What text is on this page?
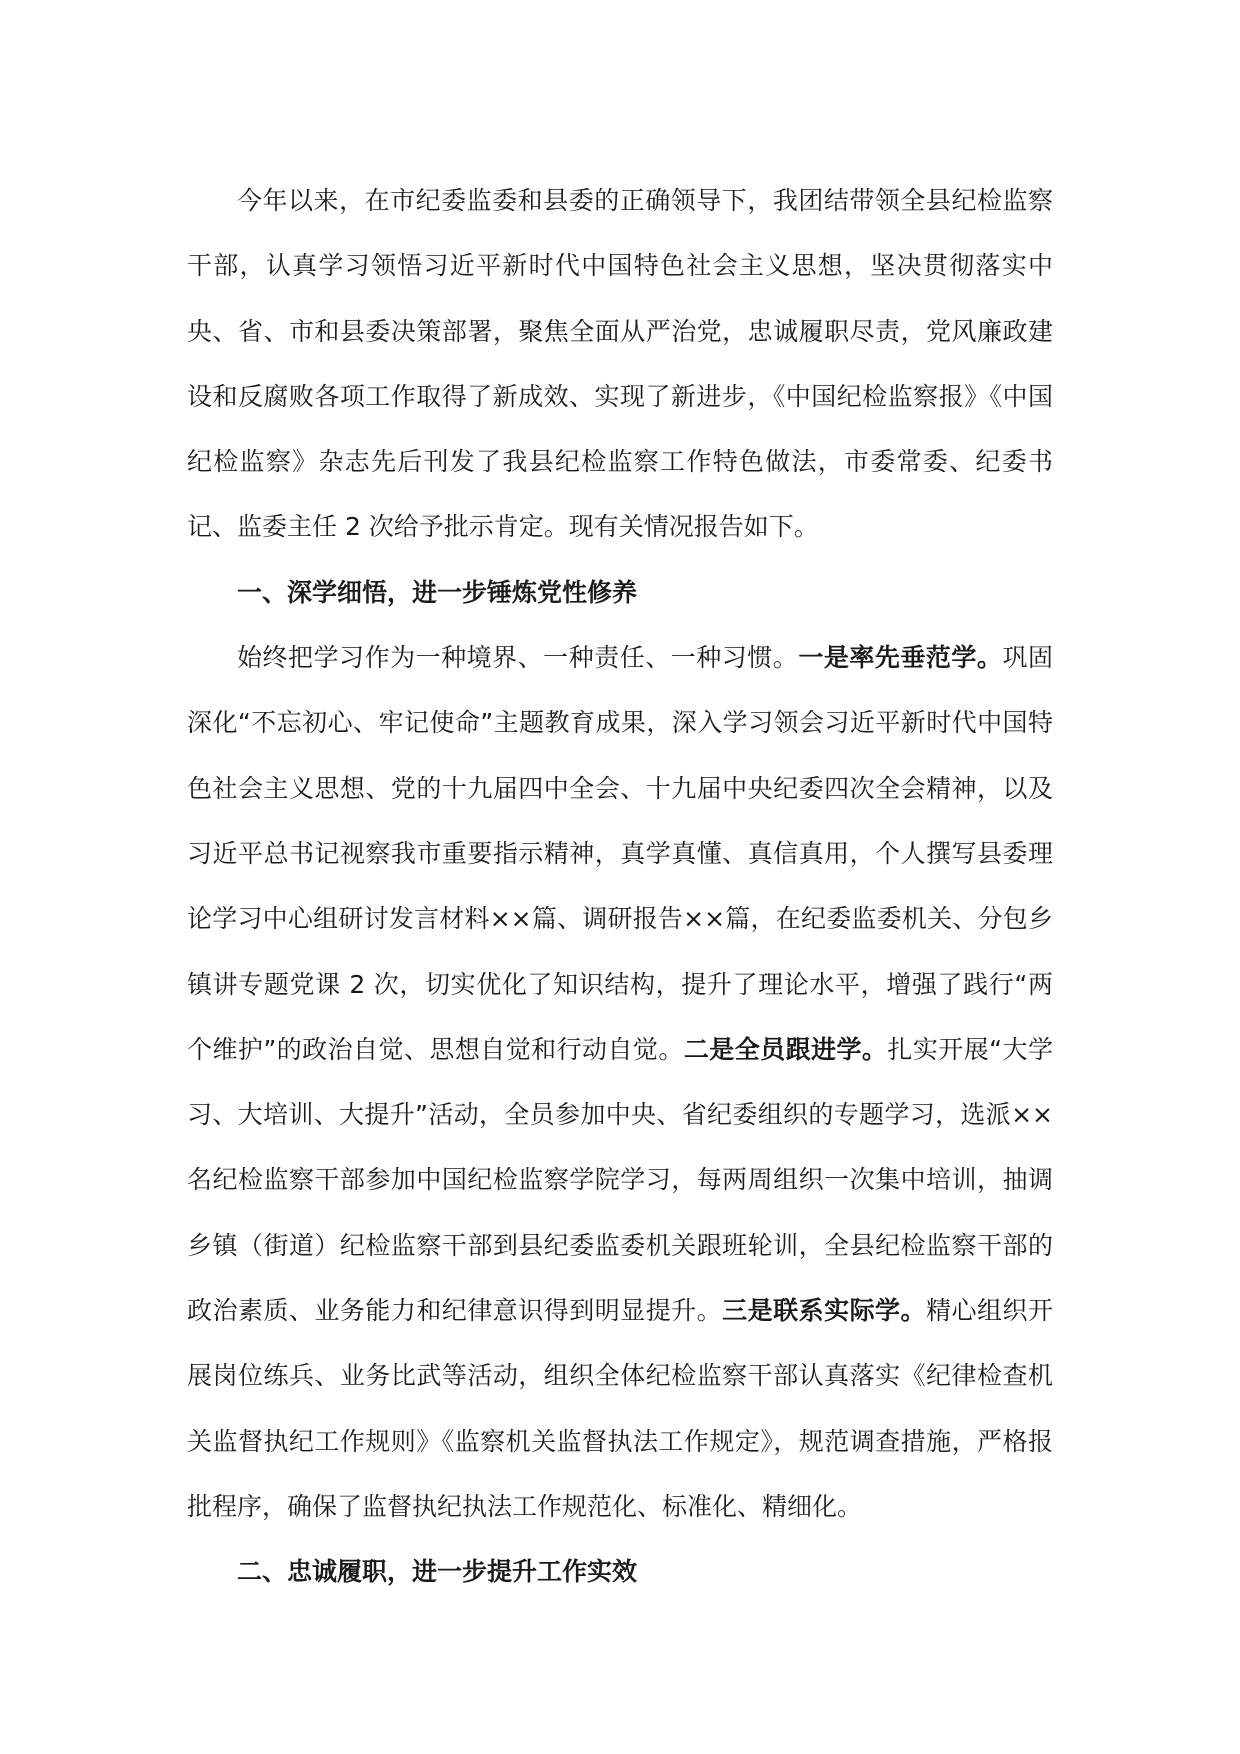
今年以来，在市纪委监委和县委的正确领导下，我团结带领全县纪检监察干部，认真学习领悟习近平新时代中国特色社会主义思想，坚决贯彻落实中央、省、市和县委决策部署，聚焦全面从严治党，忠诚履职尽责，党风廉政建设和反腐败各项工作取得了新成效、实现了新进步，《中国纪检监察报》《中国纪检监察》杂志先后刊发了我县纪检监察工作特色做法，市委常委、纪委书记、监委主任 2 次给予批示肯定。现有关情况报告如下。

一、深学细悟，进一步锤炼党性修养

始终把学习作为一种境界、一种责任、一种习惯。一是率先垂范学。巩固深化“不忘初心、牢记使命”主题教育成果，深入学习领会习近平新时代中国特色社会主义思想、党的十九届四中全会、十九届中央纪委四次全会精神，以及习近平总书记视察我市重要指示精神，真学真懂、真信真用，个人撰写县委理论学习中心组研讨发言材料××篇、调研报告××篇，在纪委监委机关、分包乡镇讲专题党课 2 次，切实优化了知识结构，提升了理论水平，增强了践行“两个维护”的政治自觉、思想自觉和行动自觉。二是全员跟进学。扎实开展“大学习、大培训、大提升”活动，全员参加中央、省纪委组织的专题学习，选派××名纪检监察干部参加中国纪检监察学院学习，每两周组织一次集中培训，抽调乡镇（街道）纪检监察干部到县纪委监委机关跟班轮训，全县纪检监察干部的政治素质、业务能力和纪律意识得到明显提升。三是联系实际学。精心组织开展岗位练兵、业务比武等活动，组织全体纪检监察干部认真落实《纪律检查机关监督执纪工作规则》《监察机关监督执法工作规定》，规范调查措施，严格报批程序，确保了监督执纪执法工作规范化、标准化、精细化。

二、忠诚履职，进一步提升工作实效
